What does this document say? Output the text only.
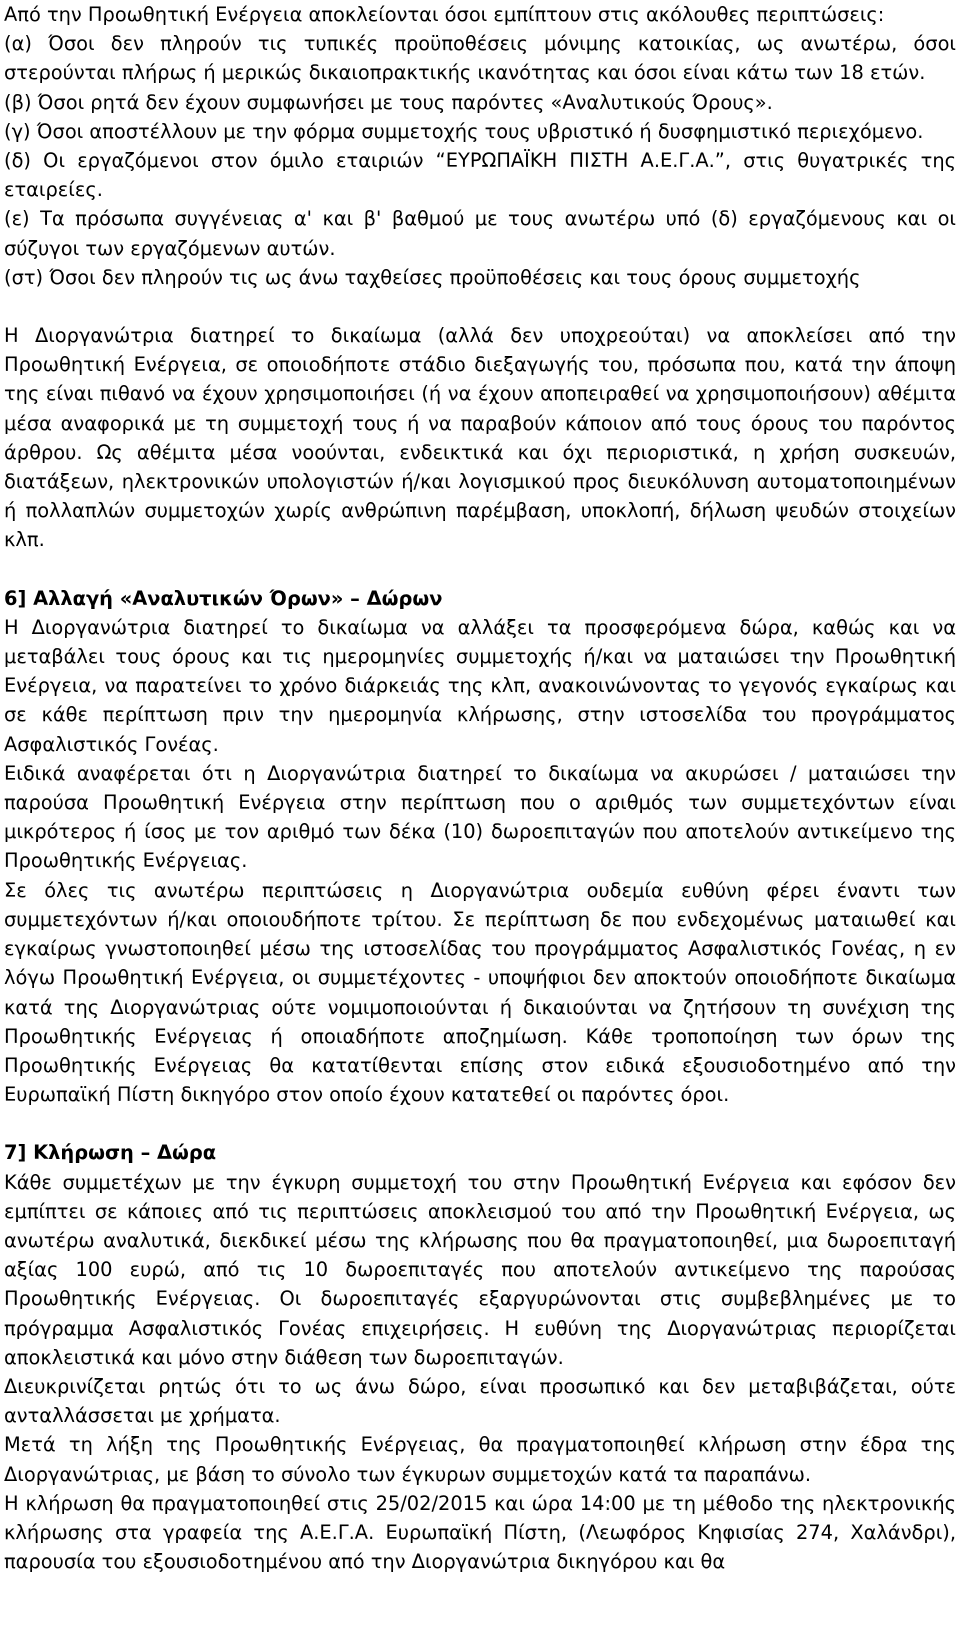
Από την Προωθητική Ενέργεια αποκλείονται όσοι εμπίπτουν στις ακόλουθες περιπτώσεις:

(α) Όσοι δεν πληρούν τις τυπικές προϋποθέσεις μόνιμης κατοικίας, ως ανωτέρω, όσοι στερούνται πλήρως ή μερικώς δικαιοπρακτικής ικανότητας και όσοι είναι κάτω των 18 ετών.

(β) Όσοι ρητά δεν έχουν συμφωνήσει με τους παρόντες «Αναλυτικούς Όρους».

(γ) Όσοι αποστέλλουν με την φόρμα συμμετοχής τους υβριστικό ή δυσφημιστικό περιεχόμενο.

(δ) Οι εργαζόμενοι στον όμιλο εταιριών “ΕΥΡΩΠΑΪΚΗ ΠΙΣΤΗ Α.Ε.Γ.Α.”, στις θυγατρικές της εταιρείες.

(ε) Τα πρόσωπα συγγένειας α' και β' βαθμού με τους ανωτέρω υπό (δ) εργαζόμενους και οι σύζυγοι των εργαζόμενων αυτών.

(στ) Όσοι δεν πληρούν τις ως άνω ταχθείσες προϋποθέσεις και τους όρους συμμετοχής

Η Διοργανώτρια διατηρεί το δικαίωμα (αλλά δεν υποχρεούται) να αποκλείσει από την Προωθητική Ενέργεια, σε οποιοδήποτε στάδιο διεξαγωγής του, πρόσωπα που, κατά την άποψη της είναι πιθανό να έχουν χρησιμοποιήσει (ή να έχουν αποπειραθεί να χρησιμοποιήσουν) αθέμιτα μέσα αναφορικά με τη συμμετοχή τους ή να παραβούν κάποιον από τους όρους του παρόντος άρθρου. Ως αθέμιτα μέσα νοούνται, ενδεικτικά και όχι περιοριστικά, η χρήση συσκευών, διατάξεων, ηλεκτρονικών υπολογιστών ή/και λογισμικού προς διευκόλυνση αυτοματοποιημένων ή πολλαπλών συμμετοχών χωρίς ανθρώπινη παρέμβαση, υποκλοπή, δήλωση ψευδών στοιχείων κλπ.

6] Αλλαγή «Αναλυτικών Όρων» – Δώρων

Η Διοργανώτρια διατηρεί το δικαίωμα να αλλάξει τα προσφερόμενα δώρα, καθώς και να μεταβάλει τους όρους και τις ημερομηνίες συμμετοχής ή/και να ματαιώσει την Προωθητική Ενέργεια, να παρατείνει το χρόνο διάρκειάς της κλπ, ανακοινώνοντας το γεγονός εγκαίρως και σε κάθε περίπτωση πριν την ημερομηνία κλήρωσης, στην ιστοσελίδα του προγράμματος Ασφαλιστικός Γονέας.

Ειδικά αναφέρεται ότι η Διοργανώτρια διατηρεί το δικαίωμα να ακυρώσει / ματαιώσει την παρούσα Προωθητική Ενέργεια στην περίπτωση που ο αριθμός των συμμετεχόντων είναι μικρότερος ή ίσος με τον αριθμό των δέκα (10) δωροεπιταγών που αποτελούν αντικείμενο της Προωθητικής Ενέργειας.

Σε όλες τις ανωτέρω περιπτώσεις η Διοργανώτρια ουδεμία ευθύνη φέρει έναντι των συμμετεχόντων ή/και οποιουδήποτε τρίτου. Σε περίπτωση δε που ενδεχομένως ματαιωθεί και εγκαίρως γνωστοποιηθεί μέσω της ιστοσελίδας του προγράμματος Ασφαλιστικός Γονέας, η εν λόγω Προωθητική Ενέργεια, οι συμμετέχοντες - υποψήφιοι δεν αποκτούν οποιοδήποτε δικαίωμα κατά της Διοργανώτριας ούτε νομιμοποιούνται ή δικαιούνται να ζητήσουν τη συνέχιση της Προωθητικής Ενέργειας ή οποιαδήποτε αποζημίωση. Κάθε τροποποίηση των όρων της Προωθητικής Ενέργειας θα κατατίθενται επίσης στον ειδικά εξουσιοδοτημένο από την Ευρωπαϊκή Πίστη δικηγόρο στον οποίο έχουν κατατεθεί οι παρόντες όροι.

7] Κλήρωση – Δώρα

Κάθε συμμετέχων με την έγκυρη συμμετοχή του στην Προωθητική Ενέργεια και εφόσον δεν εμπίπτει σε κάποιες από τις περιπτώσεις αποκλεισμού του από την Προωθητική Ενέργεια, ως ανωτέρω αναλυτικά, διεκδικεί μέσω της κλήρωσης που θα πραγματοποιηθεί, μια δωροεπιταγή αξίας 100 ευρώ, από τις 10 δωροεπιταγές που αποτελούν αντικείμενο της παρούσας Προωθητικής Ενέργειας. Οι δωροεπιταγές εξαργυρώνονται στις συμβεβλημένες με το πρόγραμμα Ασφαλιστικός Γονέας επιχειρήσεις. Η ευθύνη της Διοργανώτριας περιορίζεται αποκλειστικά και μόνο στην διάθεση των δωροεπιταγών.

Διευκρινίζεται ρητώς ότι το ως άνω δώρο, είναι προσωπικό και δεν μεταβιβάζεται, ούτε ανταλλάσσεται με χρήματα.

Μετά τη λήξη της Προωθητικής Ενέργειας, θα πραγματοποιηθεί κλήρωση στην έδρα της Διοργανώτριας, με βάση το σύνολο των έγκυρων συμμετοχών κατά τα παραπάνω.

Η κλήρωση θα πραγματοποιηθεί στις 25/02/2015 και ώρα 14:00 με τη μέθοδο της ηλεκτρονικής κλήρωσης στα γραφεία της Α.Ε.Γ.Α. Ευρωπαϊκή Πίστη, (Λεωφόρος Κηφισίας 274, Χαλάνδρι), παρουσία του εξουσιοδοτημένου από την Διοργανώτρια δικηγόρου και θα
